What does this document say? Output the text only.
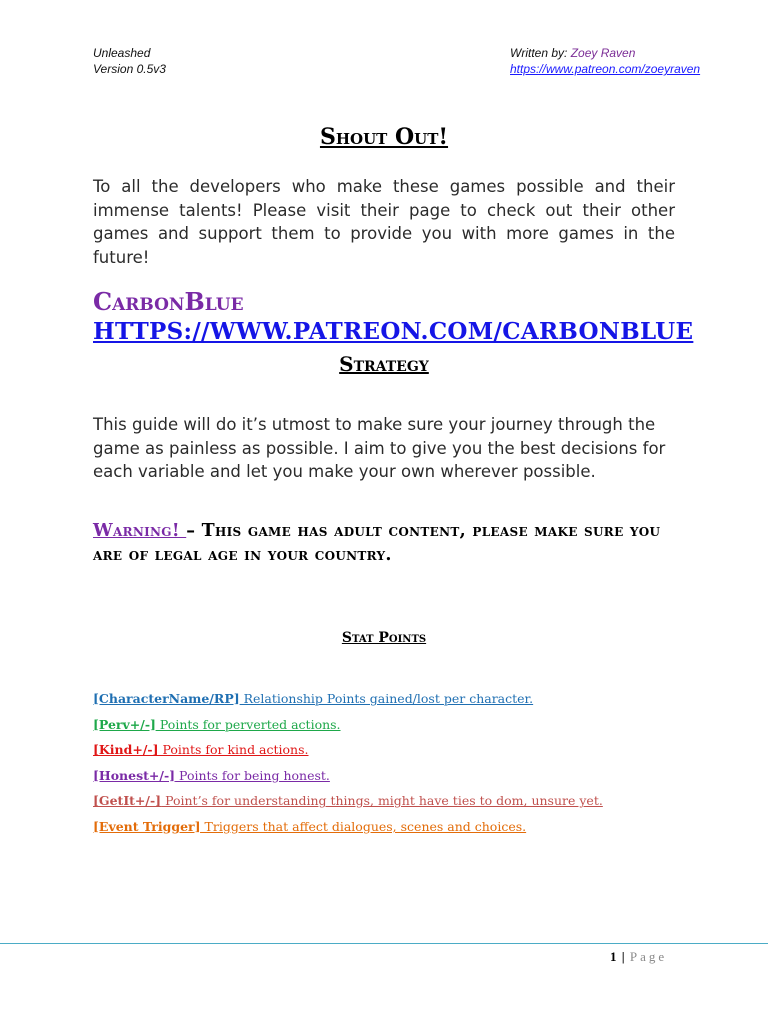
Unleashed
Version 0.5v3
Written by: Zoey Raven
https://www.patreon.com/zoeyraven
Shout Out!
To all the developers who make these games possible and their immense talents! Please visit their page to check out their other games and support them to provide you with more games in the future!
CarbonBlue
HTTPS://WWW.PATREON.COM/CARBONBLUE
Strategy
This guide will do it’s utmost to make sure your journey through the game as painless as possible. I aim to give you the best decisions for each variable and let you make your own wherever possible.
Warning! – This game has adult content, please make sure you are of legal age in your country.
Stat Points
[CharacterName/RP] Relationship Points gained/lost per character.
[Perv+/-] Points for perverted actions.
[Kind+/-] Points for kind actions.
[Honest+/-] Points for being honest.
[GetIt+/-] Point’s for understanding things, might have ties to dom, unsure yet.
[Event Trigger] Triggers that affect dialogues, scenes and choices.
1 | Page
